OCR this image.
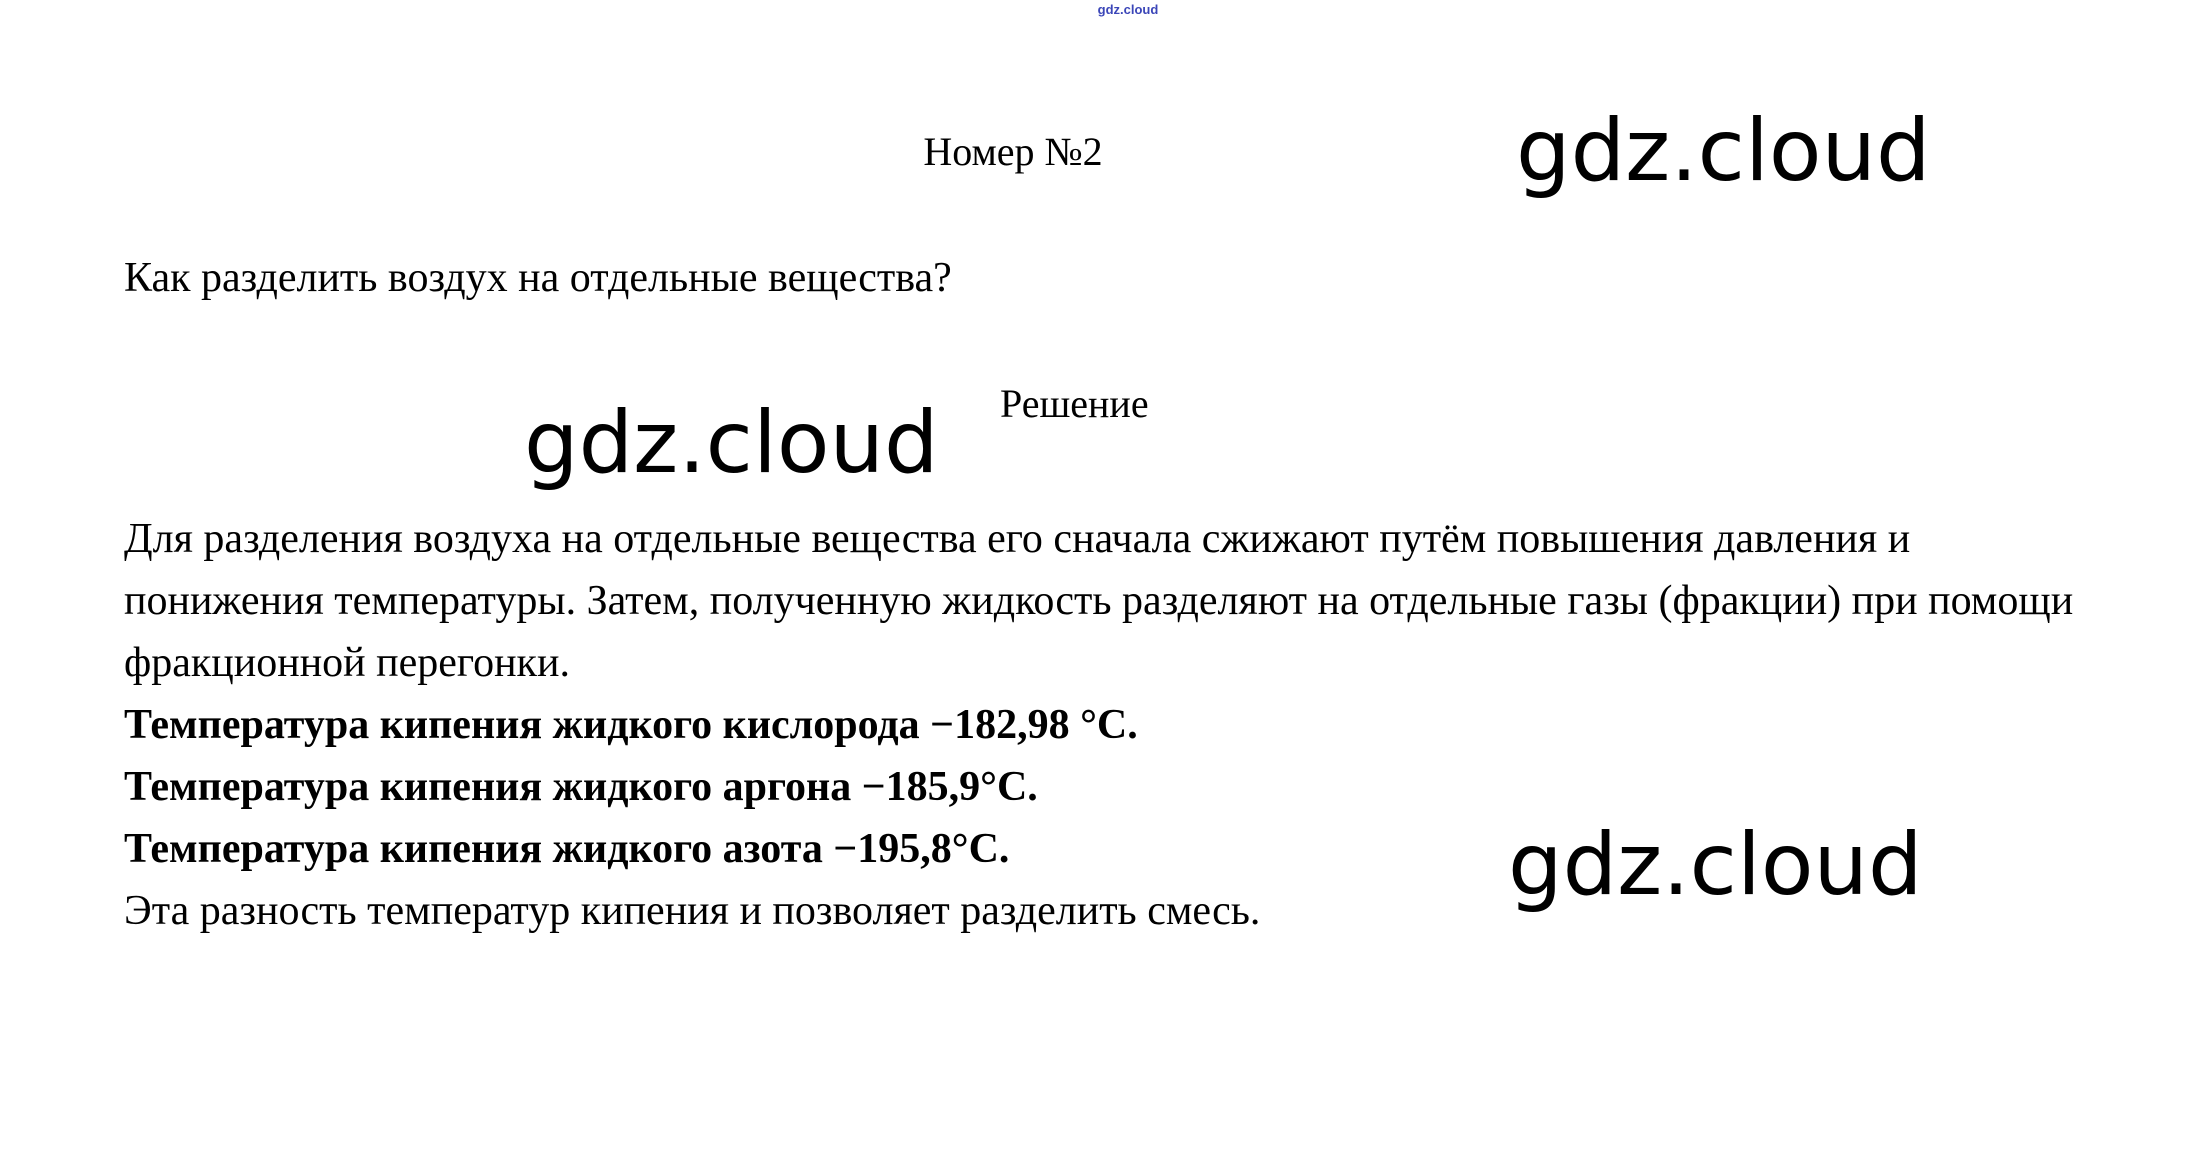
gdz.cloud
Номер №2
Как разделить воздух на отдельные вещества?
Решение

Для разделения воздуха на отдельные вещества его сначала сжижают путём повышения давления и понижения температуры. Затем, полученную жидкость разделяют на отдельные газы (фракции) при помощи фракционной перегонки.

Температура кипения жидкого кислорода −182,98 °C.

Температура кипения жидкого аргона −185,9°C.

Температура кипения жидкого азота −195,8°C.

Эта разность температур кипения и позволяет разделить смесь.

gdz.cloud
gdz.cloud
gdz.cloud
